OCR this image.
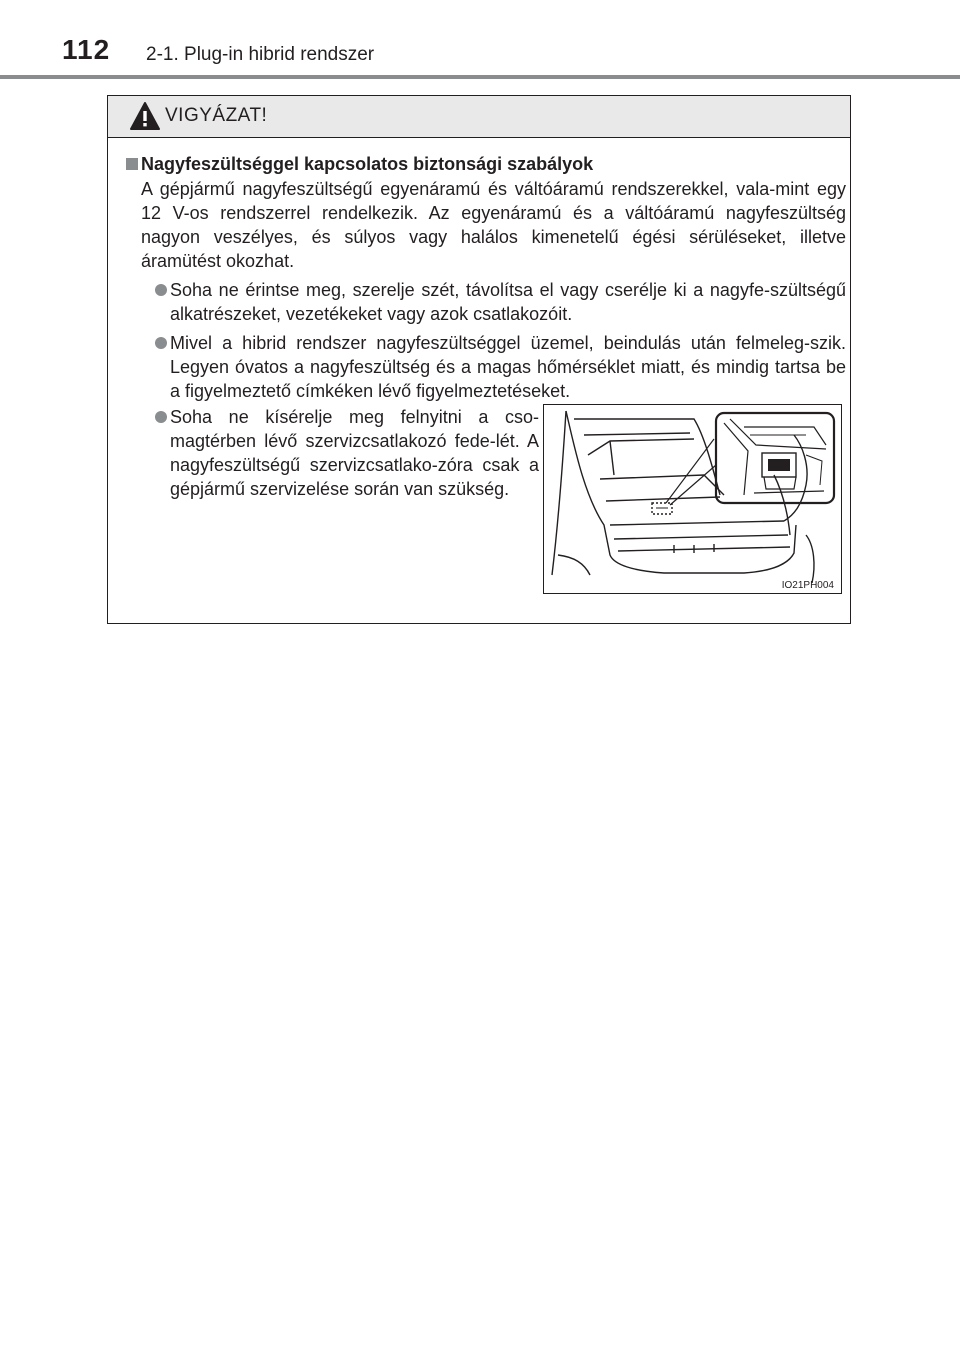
112 2-1. Plug-in hibrid rendszer
VIGYÁZAT!
Nagyfeszültséggel kapcsolatos biztonsági szabályok
A gépjármű nagyfeszültségű egyenáramú és váltóáramú rendszerekkel, vala-mint egy 12 V-os rendszerrel rendelkezik. Az egyenáramú és a váltóáramú nagyfeszültség nagyon veszélyes, és súlyos vagy halálos kimenetelű égési sérüléseket, illetve áramütést okozhat.
Soha ne érintse meg, szerelje szét, távolítsa el vagy cserélje ki a nagyfe-szültségű alkatrészeket, vezetékeket vagy azok csatlakozóit.
Mivel a hibrid rendszer nagyfeszültséggel üzemel, beindulás után felmeleg-szik. Legyen óvatos a nagyfeszültség és a magas hőmérséklet miatt, és mindig tartsa be a figyelmeztető címkéken lévő figyelmeztetéseket.
Soha ne kísérelje meg felnyitni a cso-magtérben lévő szervizcsatlakozó fede-lét. A nagyfeszültségű szervizcsatlako-zóra csak a gépjármű szervizelése során van szükség.
IO21PH004
